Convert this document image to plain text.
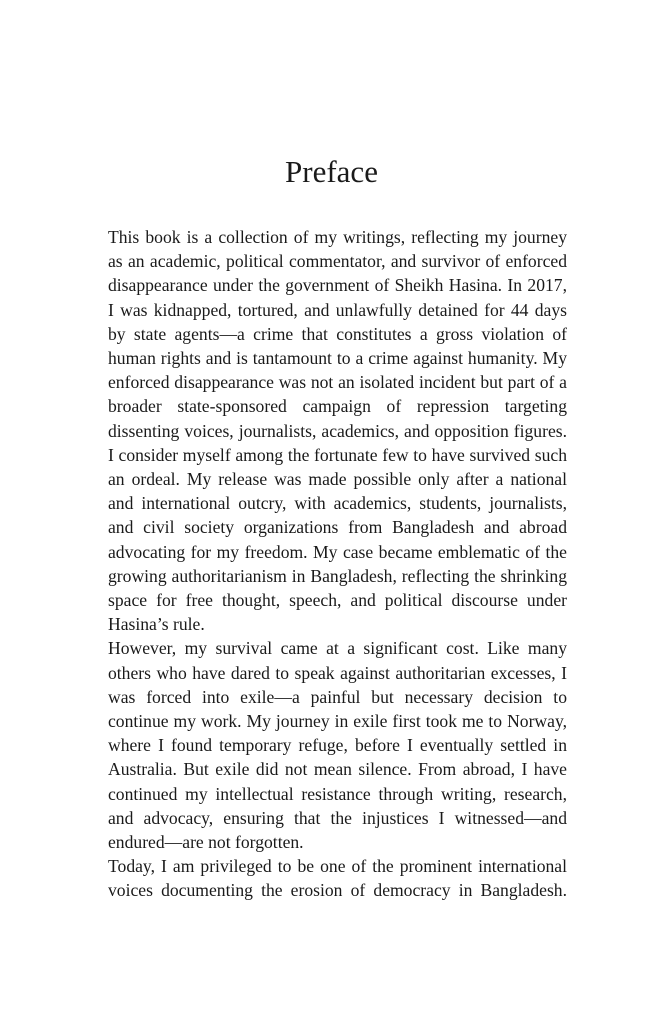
Preface

This book is a collection of my writings, reflecting my journey as an academic, political commentator, and survivor of enforced disappearance under the government of Sheikh Hasina. In 2017, I was kidnapped, tortured, and unlawfully detained for 44 days by state agents—a crime that constitutes a gross violation of human rights and is tantamount to a crime against humanity. My enforced disappearance was not an isolated incident but part of a broader state-sponsored campaign of repression targeting dissenting voices, journalists, academics, and opposition figures. I consider myself among the fortunate few to have survived such an ordeal. My release was made possible only after a national and international outcry, with academics, students, journalists, and civil society organizations from Bangladesh and abroad advocating for my freedom. My case became emblematic of the growing authoritarianism in Bangladesh, reflecting the shrinking space for free thought, speech, and political discourse under Hasina’s rule.

However, my survival came at a significant cost. Like many others who have dared to speak against authoritarian excesses, I was forced into exile—a painful but necessary decision to continue my work. My journey in exile first took me to Norway, where I found temporary refuge, before I eventually settled in Australia. But exile did not mean silence. From abroad, I have continued my intellectual resistance through writing, research, and advocacy, ensuring that the injustices I witnessed—and endured—are not forgotten.

Today, I am privileged to be one of the prominent international voices documenting the erosion of democracy in Bangladesh.
